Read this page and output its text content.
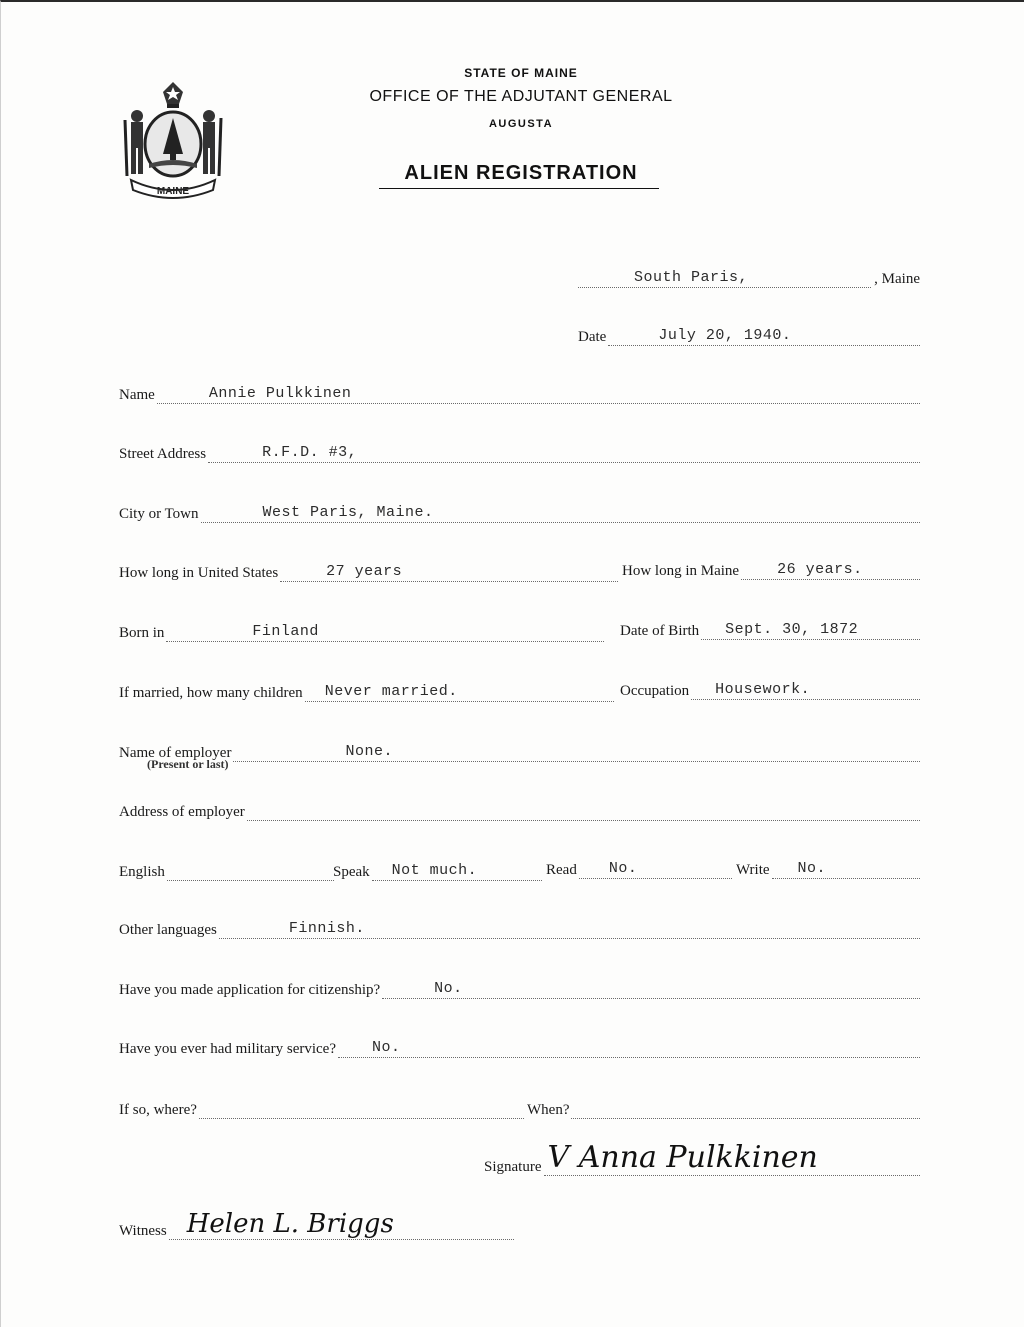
MAINE
STATE OF MAINE
OFFICE OF THE ADJUTANT GENERAL
AUGUSTA
ALIEN REGISTRATION
South Paris,	, Maine
Date	July 20, 1940.
Name	Annie Pulkkinen
Street Address	R.F.D. #3,
City or Town	West Paris, Maine.
How long in United States	27 years	How long in Maine	26 years.
Born in	Finland	Date of Birth Sept. 30, 1872
If married, how many children Never married.	Occupation Housework.
Name of employer	None.
(Present or last)
Address of employer
English	Speak Not much.	Read No.	Write No.
Other languages	Finnish.
Have you made application for citizenship?	No.
Have you ever had military service? No.
If so, where?	When?
Signature V Anna Pulkkinen
Witness Helen L. Briggs
